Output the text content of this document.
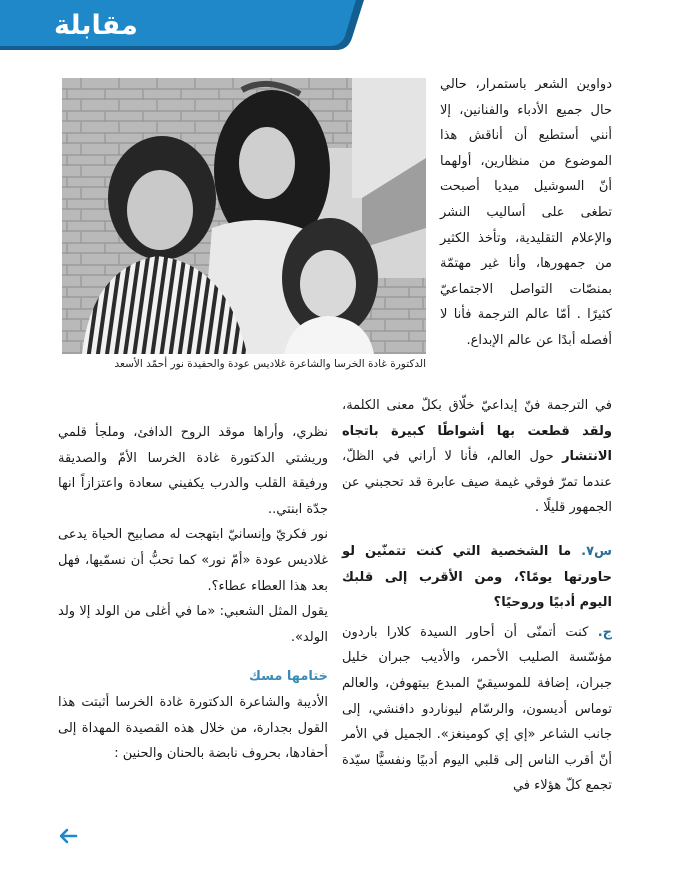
مقابلة
الدكتورة غادة الخرسا والشاعرة غلاديس عودة والحفيدة نور أحمّد الأسعد

دواوين الشعر باستمرار، حالي حال جميع الأدباء والفنانين، إلا أنني أستطيع أن أناقش هذا الموضوع من منظارين، أولهما أنّ السوشيل ميديا أصبحت تطغى على أساليب النشر والإعلام التقليدية، وتأخذ الكثير من جمهورها، وأنا غير مهتمّة بمنصّات التواصل الاجتماعيّ كثيرًا . أمّا عالم الترجمة فأنا لا أفصله أبدًا عن عالم الإبداع.

في الترجمة فنّ إبداعيّ خلّاق بكلّ معنى الكلمة، ولقد قطعت بها أشواطًا كبيرة باتجاه الانتشار حول العالم، فأنا لا أراني في الظلّ، عندما تمرّ فوقي غيمة صيف عابرة قد تحجبني عن الجمهور قليلًا .

س٧. ما الشخصية التي كنت تتمنّين لو حاورتها يومًا؟، ومن الأقرب إلى قلبك اليوم أدبيًا وروحيًا؟

ج. كنت أتمنّى أن أحاور السيدة كلارا باردون مؤسّسة الصليب الأحمر، والأديب جبران خليل جبران، إضافة للموسيقيّ المبدع بيتهوفن، والعالم توماس أديسون، والرسّام ليوناردو دافنشي، إلى جانب الشاعر «إي إي كومينغز». الجميل في الأمر أنّ أقرب الناس إلى قلبي اليوم أدبيًا ونفسيًّا سيّدة تجمع كلّ هؤلاء في

نظري، وأراها موقد الروح الدافئ، وملجأ قلمي وريشتي الدكتورة غادة الخرسا الأمّ والصديقة ورفيقة القلب والدرب يكفيني سعادة واعتزازاً انها جدّة ابنتي..

نور فكريّ وإنسانيّ ابتهجت له مصابيح الحياة يدعى غلاديس عودة «أمّ نور» كما تحبُّ أن نسمّيها، فهل بعد هذا العطاء عطاء؟.

يقول المثل الشعبي: «ما في أغلى من الولد إلا ولد الولد».

ختامها مسك

الأديبة والشاعرة الدكتورة غادة الخرسا أثبتت هذا القول بجدارة، من خلال هذه القصيدة المهداة إلى أحفادها، بحروف نابضة بالحنان والحنين :
